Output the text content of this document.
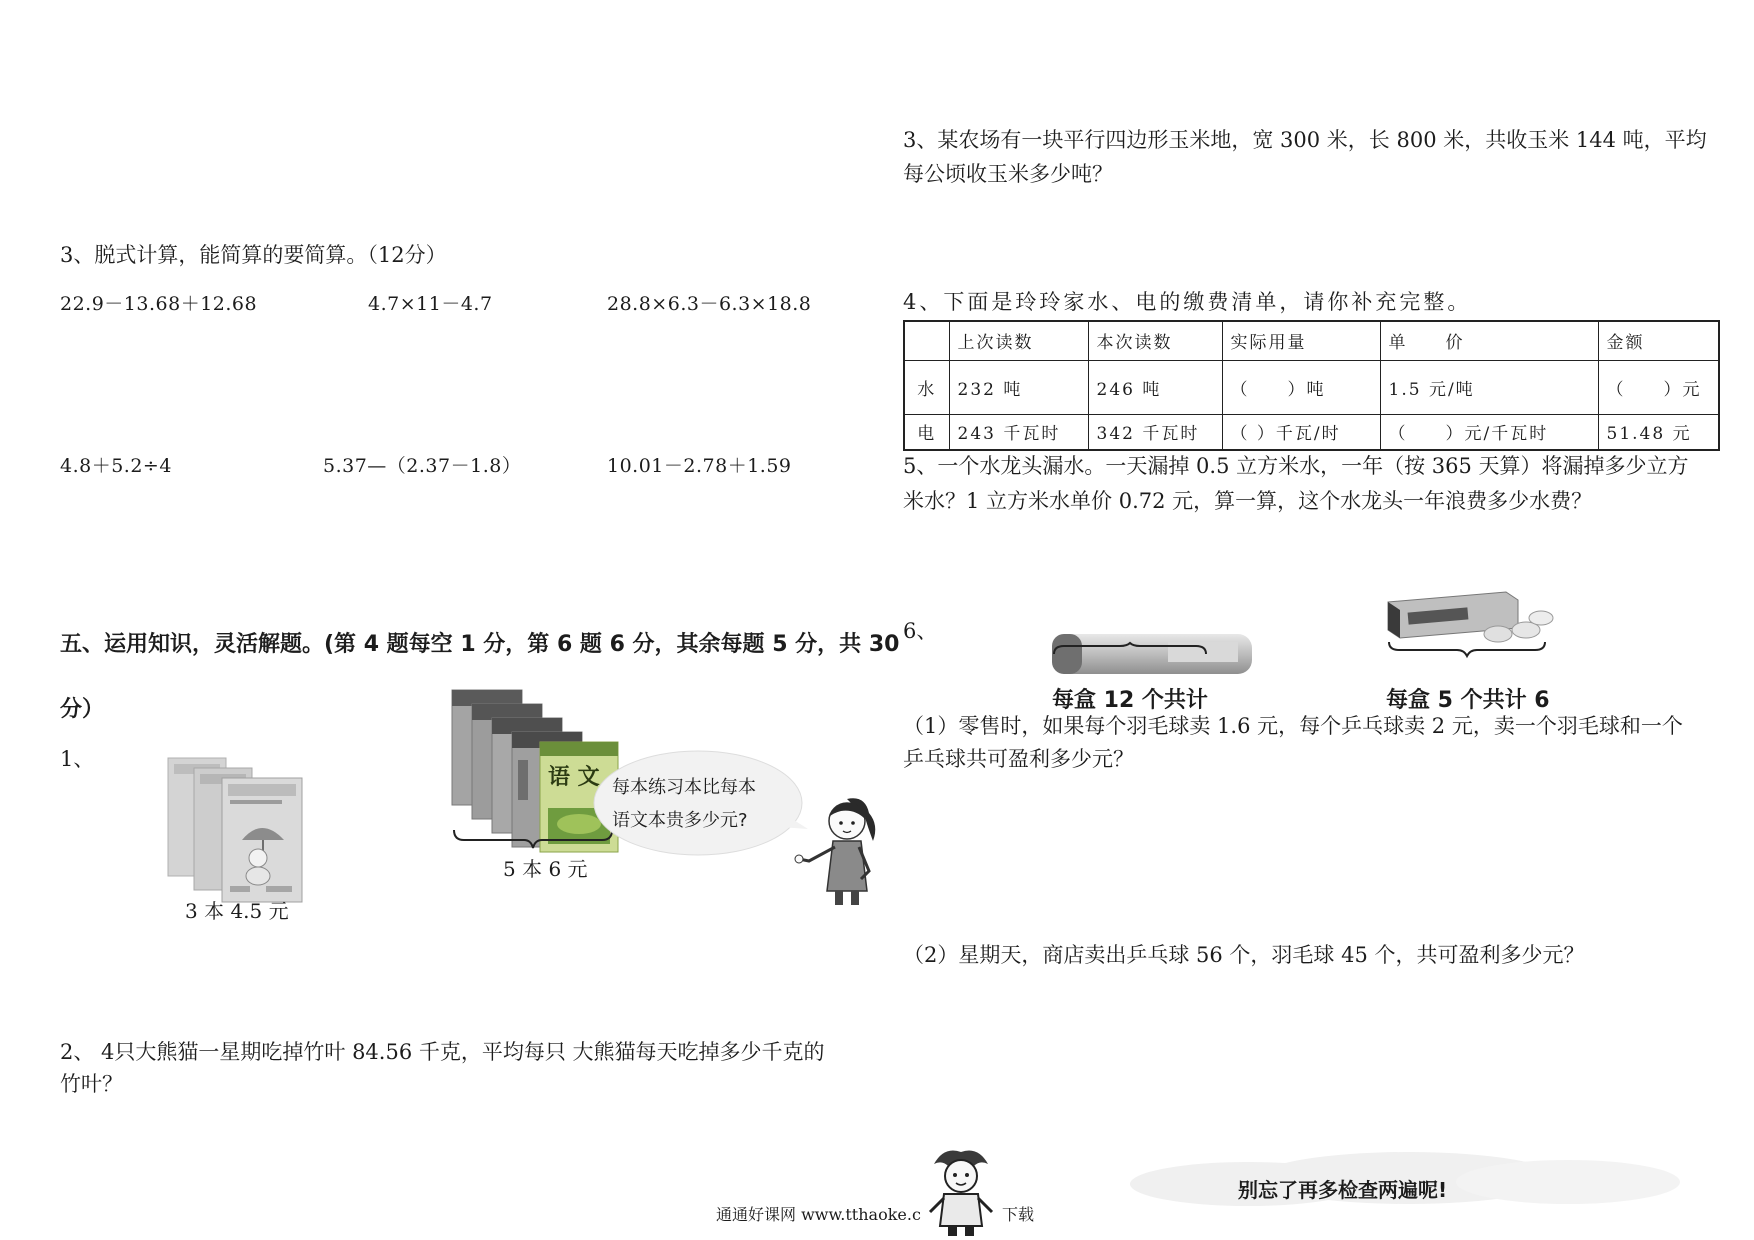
3、脱式计算，能简算的要简算。（12分）
22.9－13.68＋12.68	4.7×11－4.7	28.8×6.3－6.3×18.8
4.8＋5.2÷4	5.37—（2.37－1.8）	10.01－2.78＋1.59
五、运用知识，灵活解题。(第 4 题每空 1 分，第 6 题 6 分，其余每题 5 分，共 30
分）
1、
3 本 4.5 元
语 文
5 本 6 元
每本练习本比每本
语文本贵多少元?
2、 4只大熊猫一星期吃掉竹叶 84.56 千克，平均每只 大熊猫每天吃掉多少千克的
竹叶？
3、某农场有一块平行四边形玉米地，宽 300 米，长 800 米，共收玉米 144 吨，平均
每公顷收玉米多少吨？
4、下面是玲玲家水、电的缴费清单，请你补充完整。
	上次读数	本次读数	实际用量	单　　价	金额
水	232 吨	246 吨	（　　）吨	1.5 元/吨	（　　）元
电	243 千瓦时	342 千瓦时	（ ）千瓦/时	（　　）元/千瓦时	51.48 元
5、一个水龙头漏水。一天漏掉 0.5 立方米水，一年（按 365 天算）将漏掉多少立方
米水？1 立方米水单价 0.72 元，算一算，这个水龙头一年浪费多少水费？
6、
每盒 12 个共计	每盒 5 个共计 6
（1）零售时，如果每个羽毛球卖 1.6 元，每个乒乓球卖 2 元，卖一个羽毛球和一个
乒乓球共可盈利多少元？
（2）星期天，商店卖出乒乓球 56 个，羽毛球 45 个，共可盈利多少元？
别忘了再多检查两遍呢!
通通好课网 www.tthaoke.c	下载
